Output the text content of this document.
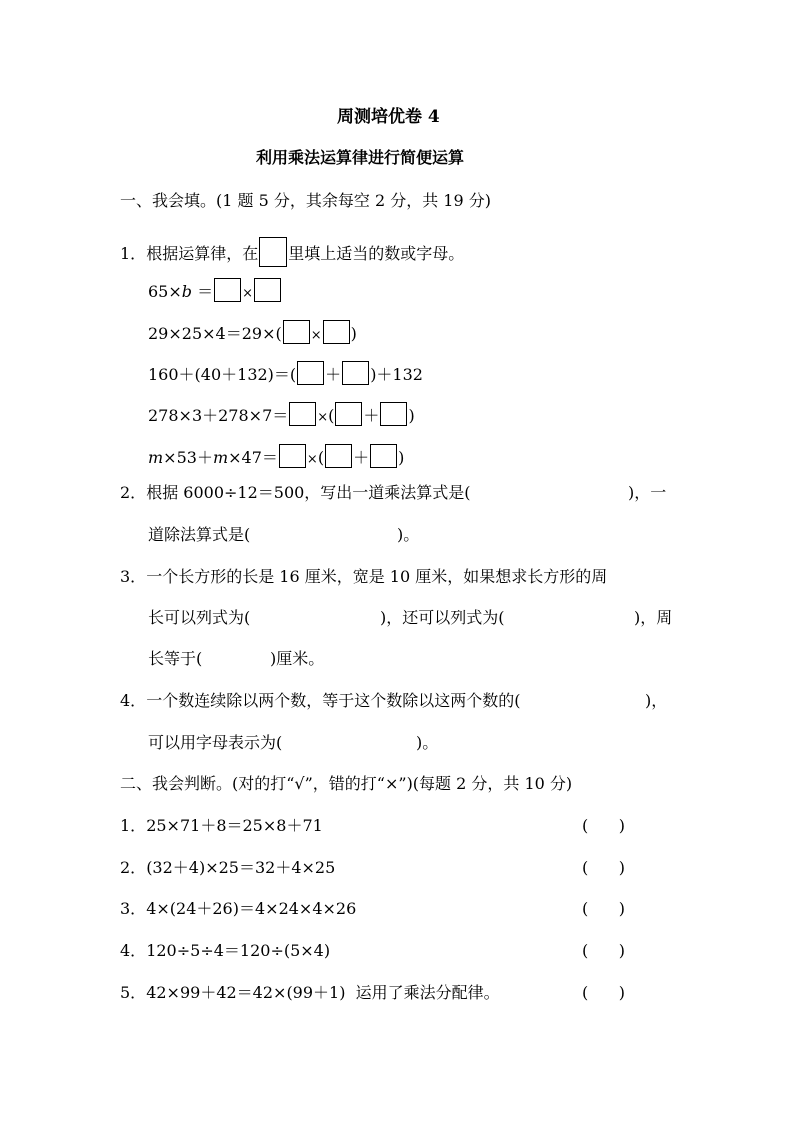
周测培优卷 4
利用乘法运算律进行简便运算
一、我会填。(1 题 5 分，其余每空 2 分，共 19 分)
1．根据运算律，在 里填上适当的数或字母。
65×b ＝ ×
29×25×4＝29×( × )
160＋(40＋132)＝( ＋ )＋132
278×3＋278×7＝ ×( ＋ )
m×53＋m×47＝ ×( ＋ )
2．根据 6000÷12＝500，写出一道乘法算式是(	)，一
道除法算式是(	)。
3．一个长方形的长是 16 厘米，宽是 10 厘米，如果想求长方形的周
长可以列式为(	)，还可以列式为(	)，周
长等于(	)厘米。
4．一个数连续除以两个数，等于这个数除以这两个数的(	)，
可以用字母表示为(	)。
二、我会判断。(对的打“√”，错的打“×”)(每题 2 分，共 10 分)
1．25×71＋8＝25×8＋71	(      )
2．(32＋4)×25＝32＋4×25	(      )
3．4×(24＋26)＝4×24×4×26	(      )
4．120÷5÷4＝120÷(5×4)	(      )
5．42×99＋42＝42×(99＋1)  运用了乘法分配律。	(      )
